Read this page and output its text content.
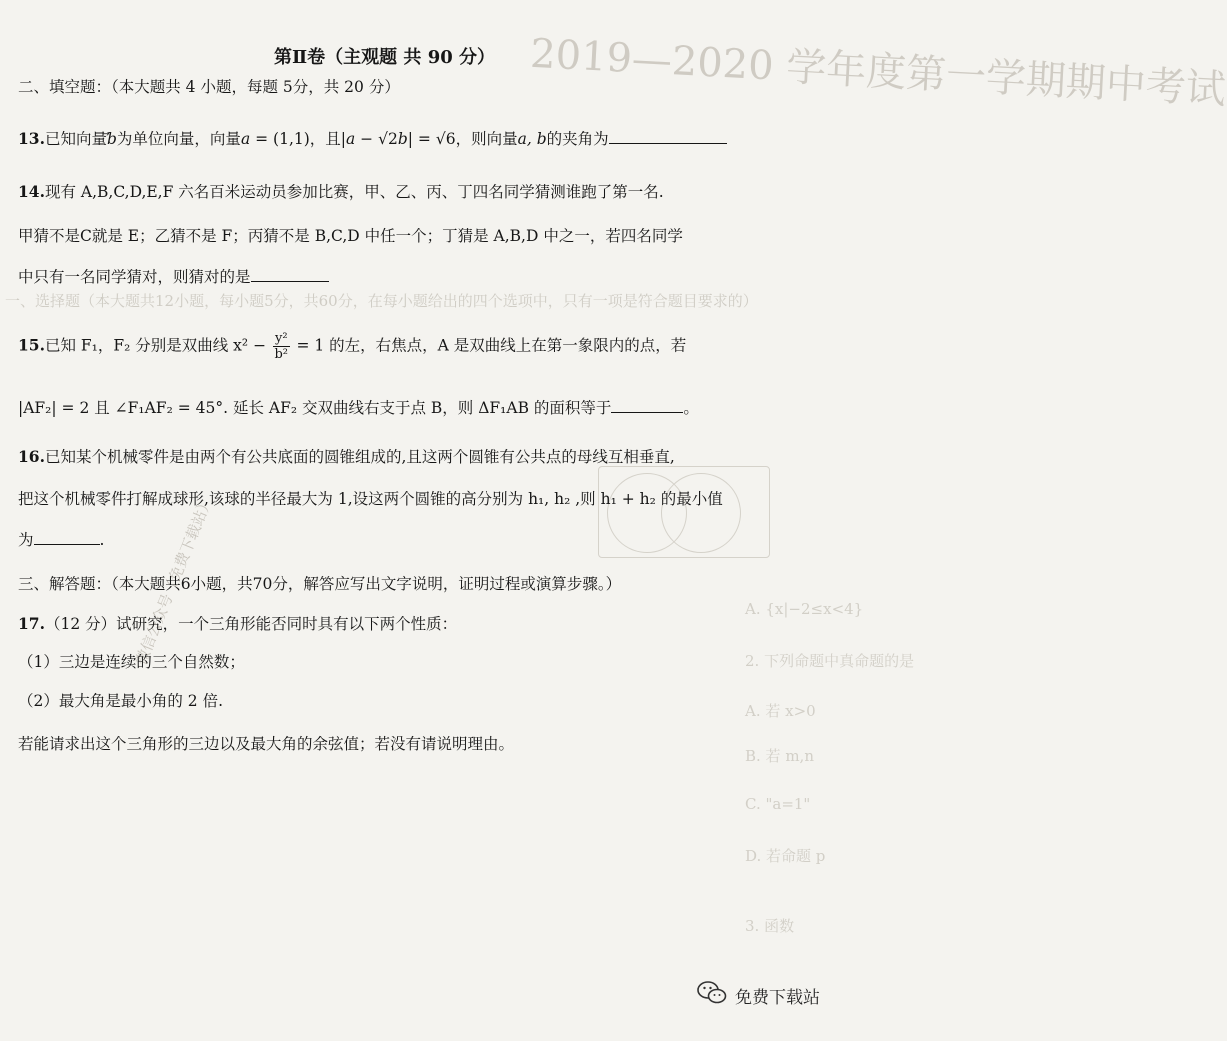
2019—2020 学年度第一学期期中考试
一、选择题（本大题共12小题，每小题5分，共60分，在每小题给出的四个选项中，只有一项是符合题目要求的）
A. {x|−2≤x<4}
2. 下列命题中真命题的是
A. 若 x>0
B. 若 m,n
C. "a=1"
D. 若命题 p
3. 函数
微信公众号（免费下载站）
第Ⅱ卷（主观题 共 90 分）
二、填空题：（本大题共 4 小题，每题 5分，共 20 分）
13.已知向量b为单位向量，向量a = (1,1)，且|a − √2b| = √6，则向量a, b的夹角为
14.现有 A,B,C,D,E,F 六名百米运动员参加比赛，甲、乙、丙、丁四名同学猜测谁跑了第一名.
甲猜不是C就是 E；乙猜不是 F；丙猜不是 B,C,D 中任一个；丁猜是 A,B,D 中之一，若四名同学
中只有一名同学猜对，则猜对的是
15.已知 F₁，F₂ 分别是双曲线 $x^2 - \frac{\text{y²}}{\text{b²}} = 1$ 的左，右焦点，A 是双曲线上在第一象限内的点，若
|AF₂| = 2 且 ∠F₁AF₂ = 45°. 延长 AF₂ 交双曲线右支于点 B，则 ΔF₁AB 的面积等于	。
16.已知某个机械零件是由两个有公共底面的圆锥组成的,且这两个圆锥有公共点的母线互相垂直,
把这个机械零件打解成球形,该球的半径最大为 1,设这两个圆锥的高分别为 h₁, h₂ ,则 h₁ + h₂ 的最小值
为	.
三、解答题：（本大题共6小题，共70分，解答应写出文字说明，证明过程或演算步骤。）
17.（12 分）试研究，一个三角形能否同时具有以下两个性质：
（1）三边是连续的三个自然数；
（2）最大角是最小角的 2 倍.
若能请求出这个三角形的三边以及最大角的余弦值；若没有请说明理由。
免费下载站
